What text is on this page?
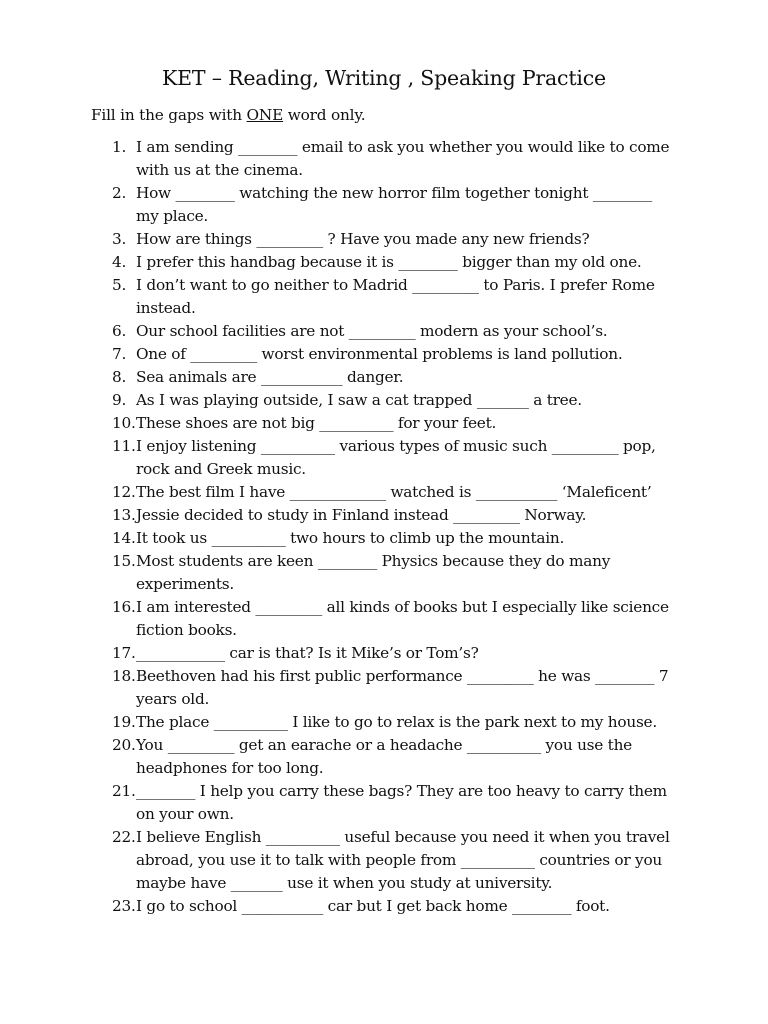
KET – Reading, Writing , Speaking Practice
Fill in the gaps with ONE word only.
1. I am sending ________ email to ask you whether you would like to come
with us at the cinema.
2. How ________ watching the new horror film together tonight ________
my place.
3. How are things _________ ? Have you made any new friends?
4. I prefer this handbag because it is ________ bigger than my old one.
5. I don’t want to go neither to Madrid _________ to Paris. I prefer Rome
instead.
6. Our school facilities are not _________ modern as your school’s.
7. One of _________ worst environmental problems is land pollution.
8. Sea animals are ___________ danger.
9. As I was playing outside, I saw a cat trapped _______ a tree.
10. These shoes are not big __________ for your feet.
11. I enjoy listening __________ various types of music such _________ pop,
rock and Greek music.
12. The best film I have _____________ watched is ___________ ‘Maleficent’
13. Jessie decided to study in Finland instead _________ Norway.
14. It took us __________ two hours to climb up the mountain.
15. Most students are keen ________ Physics because they do many
experiments.
16. I am interested _________ all kinds of books but I especially like science
fiction books.
17. ____________ car is that? Is it Mike’s or Tom’s?
18. Beethoven had his first public performance _________ he was ________ 7
years old.
19. The place __________ I like to go to relax is the park next to my house.
20. You _________ get an earache or a headache __________ you use the
headphones for too long.
21. ________ I help you carry these bags? They are too heavy to carry them
on your own.
22. I believe English __________ useful because you need it when you travel
abroad, you use it to talk with people from __________ countries or you
maybe have _______ use it when you study at university.
23. I go to school ___________ car but I get back home ________ foot.
